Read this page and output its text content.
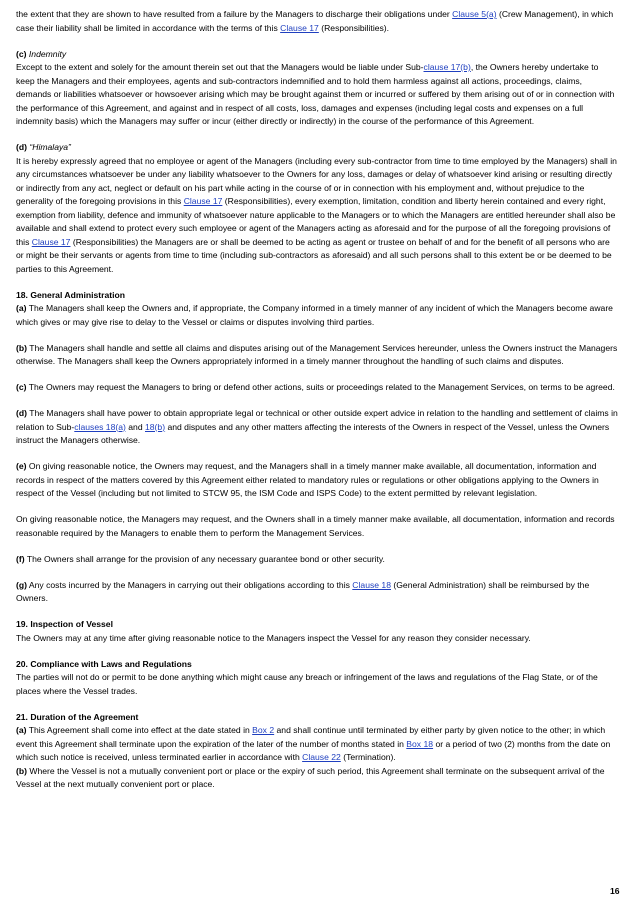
the extent that they are shown to have resulted from a failure by the Managers to discharge their obligations under Clause 5(a) (Crew Management), in which case their liability shall be limited in accordance with the terms of this Clause 17 (Responsibilities).

(c) Indemnity

Except to the extent and solely for the amount therein set out that the Managers would be liable under Sub-clause 17(b), the Owners hereby undertake to keep the Managers and their employees, agents and sub-contractors indemnified and to hold them harmless against all actions, proceedings, claims, demands or liabilities whatsoever or howsoever arising which may be brought against them or incurred or suffered by them arising out of or in connection with the performance of this Agreement, and against and in respect of all costs, loss, damages and expenses (including legal costs and expenses on a full indemnity basis) which the Managers may suffer or incur (either directly or indirectly) in the course of the performance of this Agreement.

(d) “Himalaya”

It is hereby expressly agreed that no employee or agent of the Managers (including every sub-contractor from time to time employed by the Managers) shall in any circumstances whatsoever be under any liability whatsoever to the Owners for any loss, damages or delay of whatsoever kind arising or resulting directly or indirectly from any act, neglect or default on his part while acting in the course of or in connection with his employment and, without prejudice to the generality of the foregoing provisions in this Clause 17 (Responsibilities), every exemption, limitation, condition and liberty herein contained and every right, exemption from liability, defence and immunity of whatsoever nature applicable to the Managers or to which the Managers are entitled hereunder shall also be available and shall extend to protect every such employee or agent of the Managers acting as aforesaid and for the purpose of all the foregoing provisions of this Clause 17 (Responsibilities) the Managers are or shall be deemed to be acting as agent or trustee on behalf of and for the benefit of all persons who are or might be their servants or agents from time to time (including sub-contractors as aforesaid) and all such persons shall to this extent be or be deemed to be parties to this Agreement.

18. General Administration

(a) The Managers shall keep the Owners and, if appropriate, the Company informed in a timely manner of any incident of which the Managers become aware which gives or may give rise to delay to the Vessel or claims or disputes involving third parties.

(b) The Managers shall handle and settle all claims and disputes arising out of the Management Services hereunder, unless the Owners instruct the Managers otherwise. The Managers shall keep the Owners appropriately informed in a timely manner throughout the handling of such claims and disputes.

(c) The Owners may request the Managers to bring or defend other actions, suits or proceedings related to the Management Services, on terms to be agreed.

(d) The Managers shall have power to obtain appropriate legal or technical or other outside expert advice in relation to the handling and settlement of claims in relation to Sub-clauses 18(a) and 18(b) and disputes and any other matters affecting the interests of the Owners in respect of the Vessel, unless the Owners instruct the Managers otherwise.

(e) On giving reasonable notice, the Owners may request, and the Managers shall in a timely manner make available, all documentation, information and records in respect of the matters covered by this Agreement either related to mandatory rules or regulations or other obligations applying to the Owners in respect of the Vessel (including but not limited to STCW 95, the ISM Code and ISPS Code) to the extent permitted by relevant legislation.

On giving reasonable notice, the Managers may request, and the Owners shall in a timely manner make available, all documentation, information and records reasonable required by the Managers to enable them to perform the Management Services.

(f) The Owners shall arrange for the provision of any necessary guarantee bond or other security.

(g) Any costs incurred by the Managers in carrying out their obligations according to this Clause 18 (General Administration) shall be reimbursed by the Owners.

19. Inspection of Vessel

The Owners may at any time after giving reasonable notice to the Managers inspect the Vessel for any reason they consider necessary.

20. Compliance with Laws and Regulations

The parties will not do or permit to be done anything which might cause any breach or infringement of the laws and regulations of the Flag State, or of the places where the Vessel trades.

21. Duration of the Agreement

(a) This Agreement shall come into effect at the date stated in Box 2 and shall continue until terminated by either party by given notice to the other; in which event this Agreement shall terminate upon the expiration of the later of the number of months stated in Box 18 or a period of two (2) months from the date on which such notice is received, unless terminated earlier in accordance with Clause 22 (Termination).

(b) Where the Vessel is not a mutually convenient port or place or the expiry of such period, this Agreement shall terminate on the subsequent arrival of the Vessel at the next mutually convenient port or place.

16
